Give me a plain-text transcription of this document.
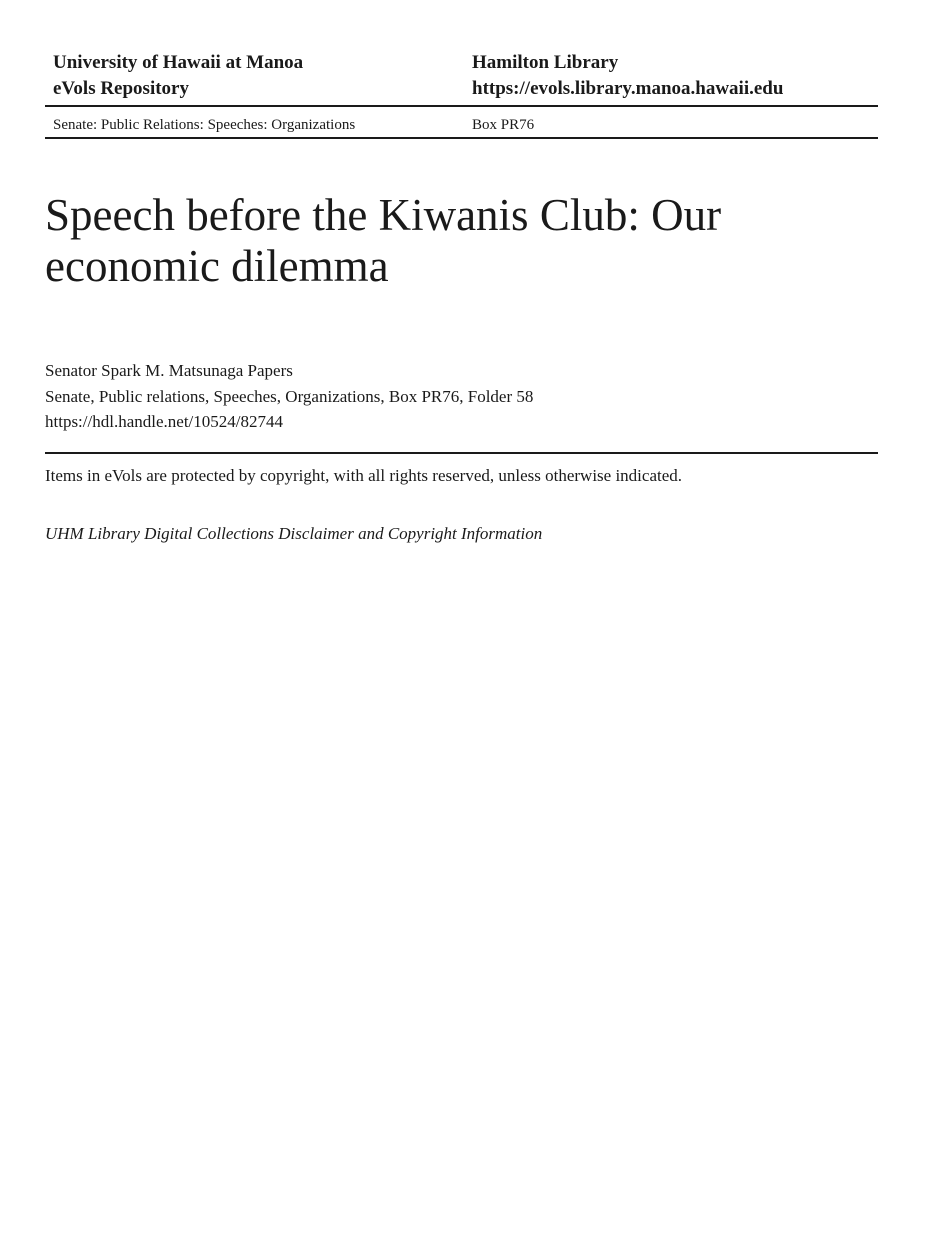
University of Hawaii at Manoa
eVols Repository
Hamilton Library
https://evols.library.manoa.hawaii.edu
Senate: Public Relations: Speeches: Organizations	Box PR76
Speech before the Kiwanis Club: Our economic dilemma

Senator Spark M. Matsunaga Papers
Senate, Public relations, Speeches, Organizations, Box PR76, Folder 58
https://hdl.handle.net/10524/82744

Items in eVols are protected by copyright, with all rights reserved, unless otherwise indicated.

UHM Library Digital Collections Disclaimer and Copyright Information
